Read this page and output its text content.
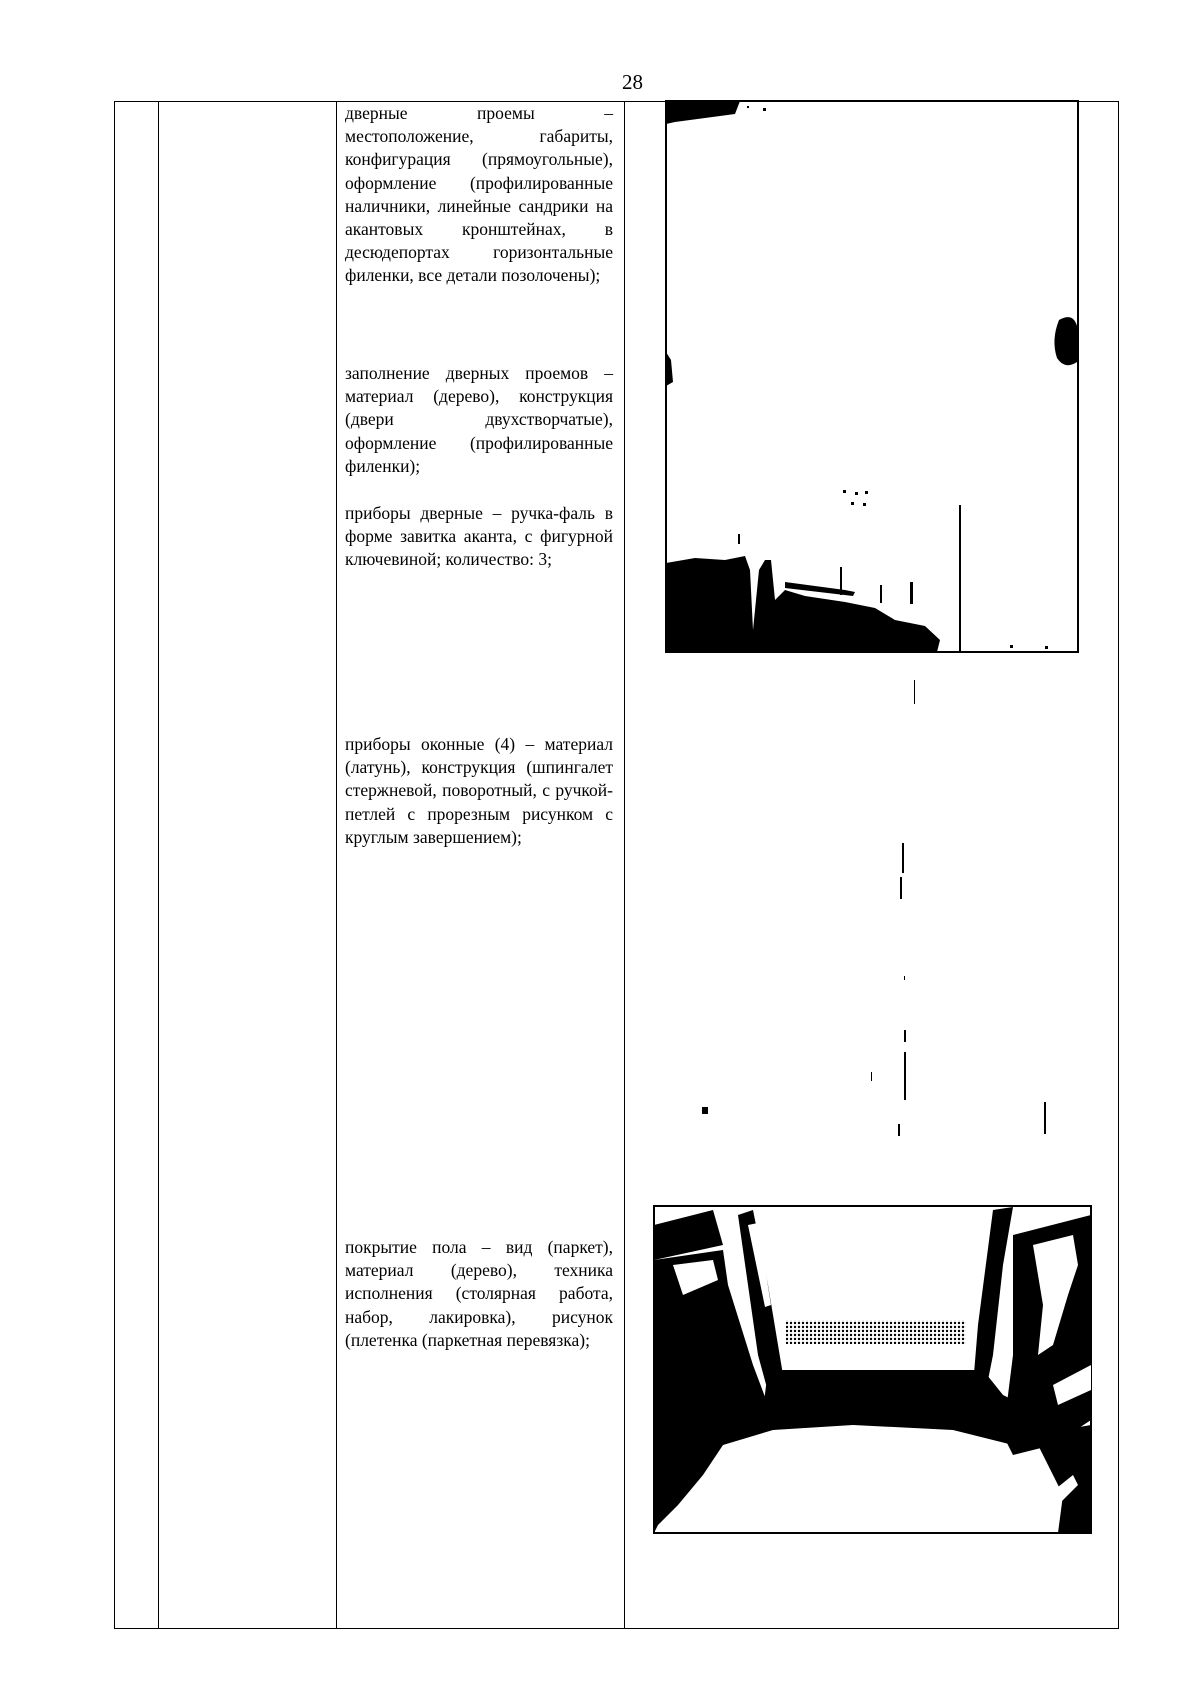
28

дверные проемы – местоположение, габариты, конфигурация (прямоугольные), оформление (профилированные наличники, линейные сандрики на акантовых кронштейнах, в десюдепортах горизонтальные филенки, все детали позолочены);

заполнение дверных проемов – материал (дерево), конструкция (двери двухстворчатые), оформление (профилированные филенки);

приборы дверные – ручка-фаль в форме завитка аканта, с фигурной ключевиной; количество: 3;

приборы оконные (4) – материал (латунь), конструкция (шпингалет стержневой, поворотный, с ручкой-петлей с прорезным рисунком с круглым завершением);

покрытие пола – вид (паркет), материал (дерево), техника исполнения (столярная работа, набор, лакировка), рисунок (плетенка (паркетная перевязка);
